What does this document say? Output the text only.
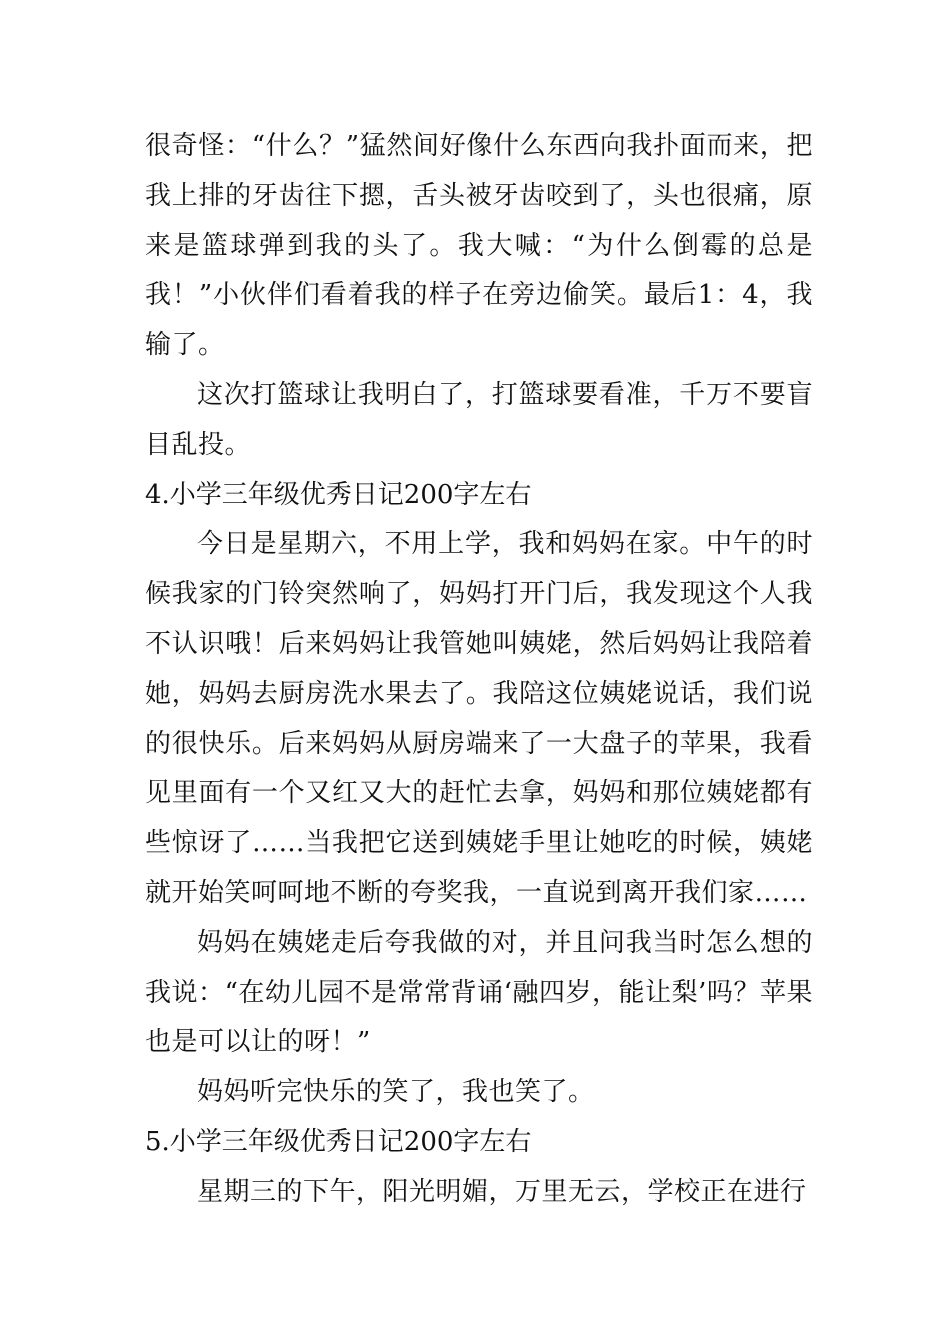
很奇怪：“什么？”猛然间好像什么东西向我扑面而来，把我上排的牙齿往下摁，舌头被牙齿咬到了，头也很痛，原来是篮球弹到我的头了。我大喊：“为什么倒霉的总是我！”小伙伴们看着我的样子在旁边偷笑。最后1：4，我输了。

这次打篮球让我明白了，打篮球要看准，千万不要盲目乱投。

4.小学三年级优秀日记200字左右

今日是星期六，不用上学，我和妈妈在家。中午的时候我家的门铃突然响了，妈妈打开门后，我发现这个人我不认识哦！后来妈妈让我管她叫姨姥，然后妈妈让我陪着她，妈妈去厨房洗水果去了。我陪这位姨姥说话，我们说的很快乐。后来妈妈从厨房端来了一大盘子的苹果，我看见里面有一个又红又大的赶忙去拿，妈妈和那位姨姥都有些惊讶了……当我把它送到姨姥手里让她吃的时候，姨姥就开始笑呵呵地不断的夸奖我，一直说到离开我们家……

妈妈在姨姥走后夸我做的对，并且问我当时怎么想的我说：“在幼儿园不是常常背诵‘融四岁，能让梨’吗？苹果也是可以让的呀！”

妈妈听完快乐的笑了，我也笑了。

5.小学三年级优秀日记200字左右

星期三的下午，阳光明媚，万里无云，学校正在进行
